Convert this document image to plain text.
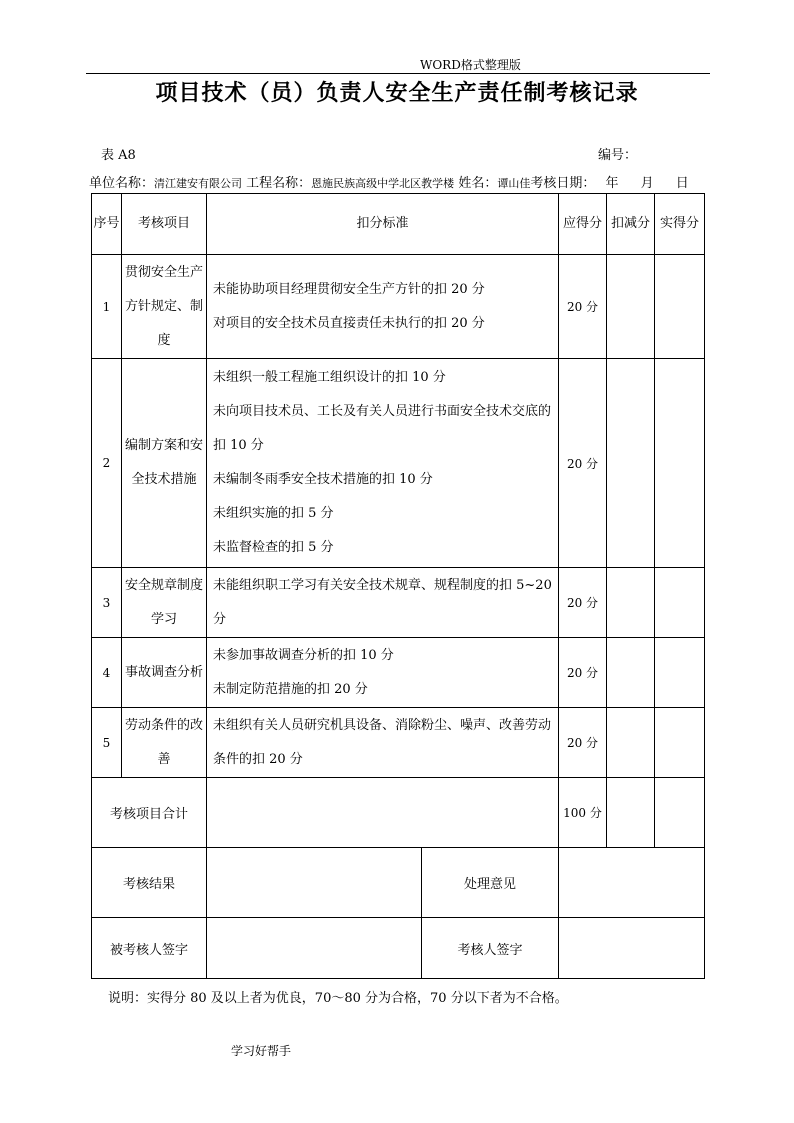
WORD格式整理版
项目技术（员）负责人安全生产责任制考核记录
表 A8	编号：
单位名称：清江建安有限公司 工程名称：恩施民族高级中学北区教学楼 姓名：谭山佳考核日期： 年 月 日
序号	考核项目	扣分标准		应得分	扣减分	实得分
1	贯彻安全生产方针规定、制度	未能协助项目经理贯彻安全生产方针的扣 20 分
对项目的安全技术员直接责任未执行的扣 20 分		20 分		
2	编制方案和安全技术措施	未组织一般工程施工组织设计的扣 10 分
未向项目技术员、工长及有关人员进行书面安全技术交底的扣 10 分
未编制冬雨季安全技术措施的扣 10 分
未组织实施的扣 5 分
未监督检查的扣 5 分		20 分		
3	安全规章制度学习	未能组织职工学习有关安全技术规章、规程制度的扣 5~20 分		20 分		
4	事故调查分析	未参加事故调查分析的扣 10 分
未制定防范措施的扣 20 分		20 分		
5	劳动条件的改善	未组织有关人员研究机具设备、消除粉尘、噪声、改善劳动条件的扣 20 分		20 分		
考核项目合计				100 分		
考核结果			处理意见			
被考核人签字			考核人签字			
说明：实得分 80 及以上者为优良，70～80 分为合格，70 分以下者为不合格。
学习好帮手
